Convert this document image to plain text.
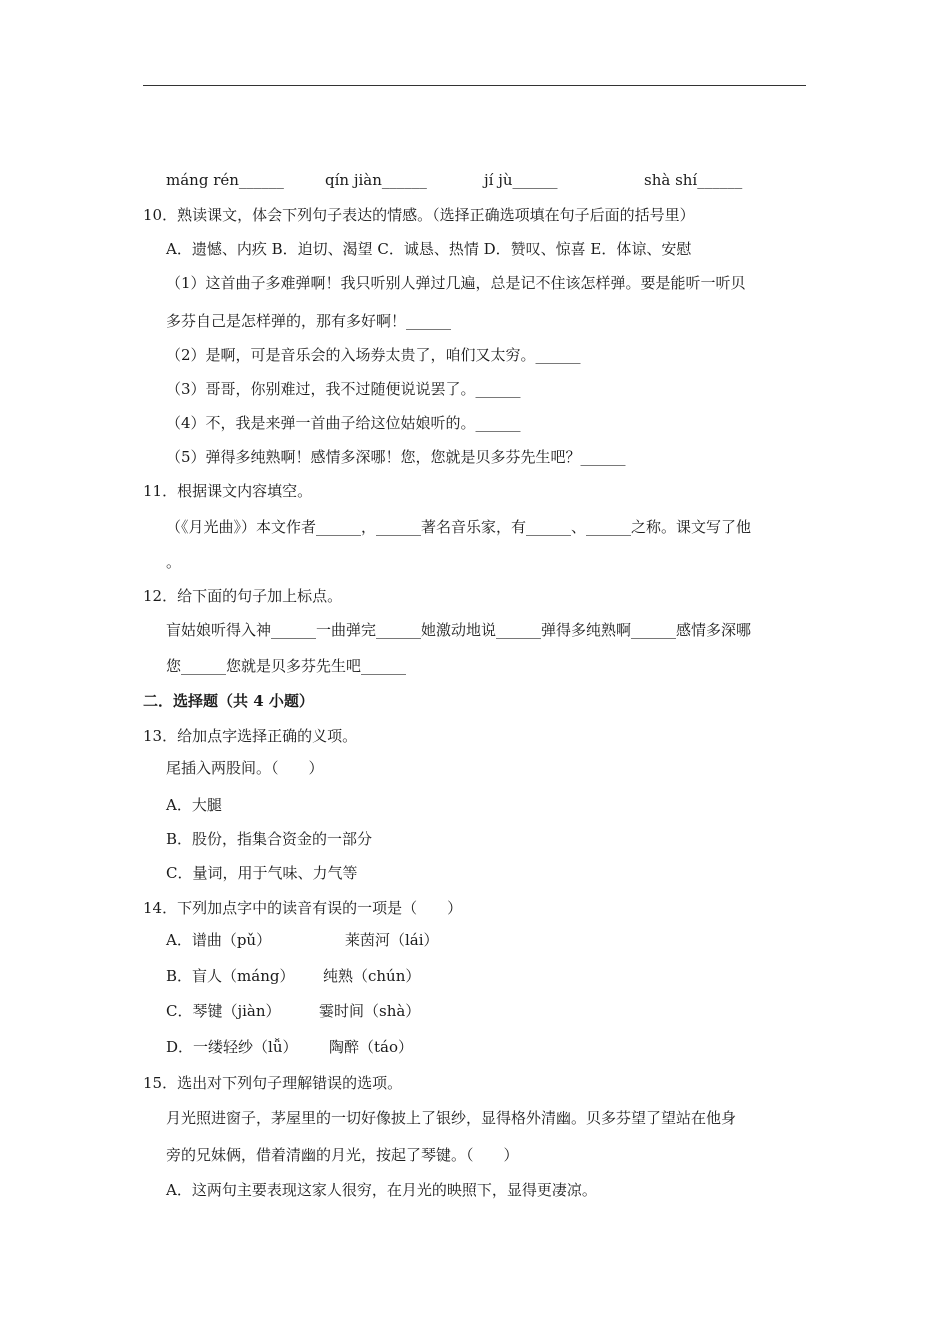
máng rén______	qín jiàn______	jí jù______	shà shí______
10．熟读课文，体会下列句子表达的情感。（选择正确选项填在句子后面的括号里）
A．遗憾、内疚 B．迫切、渴望 C．诚恳、热情 D．赞叹、惊喜 E．体谅、安慰
（1）这首曲子多难弹啊！我只听别人弹过几遍，总是记不住该怎样弹。要是能听一听贝
多芬自己是怎样弹的，那有多好啊！______
（2）是啊，可是音乐会的入场券太贵了，咱们又太穷。______
（3）哥哥，你别难过，我不过随便说说罢了。______
（4）不，我是来弹一首曲子给这位姑娘听的。______
（5）弹得多纯熟啊！感情多深哪！您，您就是贝多芬先生吧？______
11．根据课文内容填空。
（《月光曲》）本文作者______，______著名音乐家，有______、______之称。课文写了他
。
12．给下面的句子加上标点。
盲姑娘听得入神______一曲弹完______她激动地说______弹得多纯熟啊______感情多深哪
您______您就是贝多芬先生吧______
二．选择题（共 4 小题）
13．给加点字选择正确的义项。
尾插入两股间。（　　）
A．大腿
B．股份，指集合资金的一部分
C．量词，用于气味、力气等
14．下列加点字中的读音有误的一项是（　　）
A．谱曲（pǔ）	莱茵河（lái）
B．盲人（máng） 纯熟（chún）
C．琴键（jiàn）	霎时间（shà）
D．一缕轻纱（lǚ） 陶醉（táo）
15．选出对下列句子理解错误的选项。
月光照进窗子，茅屋里的一切好像披上了银纱，显得格外清幽。贝多芬望了望站在他身
旁的兄妹俩，借着清幽的月光，按起了琴键。（　　）
A．这两句主要表现这家人很穷，在月光的映照下，显得更凄凉。
